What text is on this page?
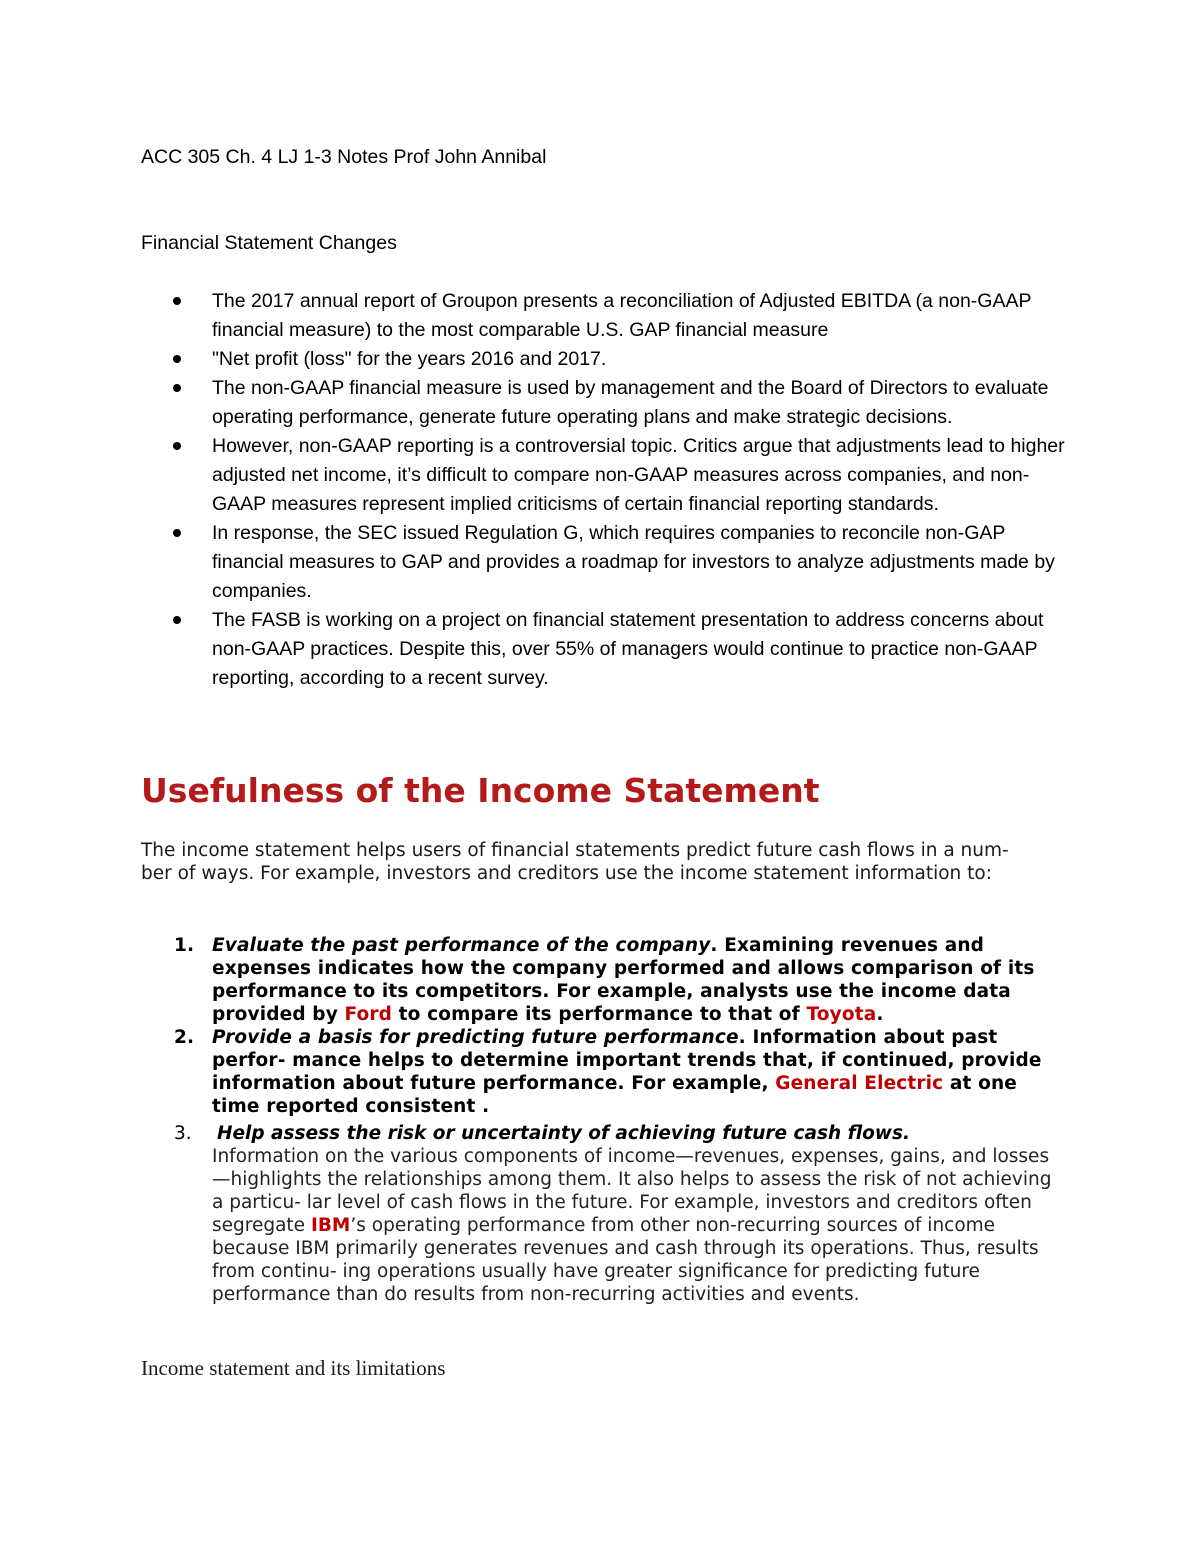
ACC 305 Ch. 4 LJ 1-3 Notes Prof John Annibal

Financial Statement Changes

The 2017 annual report of Groupon presents a reconciliation of Adjusted EBITDA (a non-GAAP financial measure) to the most comparable U.S. GAP financial measure
"Net profit (loss" for the years 2016 and 2017.
The non-GAAP financial measure is used by management and the Board of Directors to evaluate operating performance, generate future operating plans and make strategic decisions.
However, non-GAAP reporting is a controversial topic. Critics argue that adjustments lead to higher adjusted net income, it’s difficult to compare non-GAAP measures across companies, and non-GAAP measures represent implied criticisms of certain financial reporting standards.
In response, the SEC issued Regulation G, which requires companies to reconcile non-GAP financial measures to GAP and provides a roadmap for investors to analyze adjustments made by companies.
The FASB is working on a project on financial statement presentation to address concerns about non-GAAP practices. Despite this, over 55% of managers would continue to practice non-GAAP reporting, according to a recent survey.
Usefulness of the Income Statement

The income statement helps users of financial statements predict future cash flows in a num- ber of ways. For example, investors and creditors use the income statement information to:

1. Evaluate the past performance of the company. Examining revenues and expenses indicates how the company performed and allows comparison of its performance to its competitors. For example, analysts use the income data provided by Ford to compare its performance to that of Toyota.
2. Provide a basis for predicting future performance. Information about past perfor- mance helps to determine important trends that, if continued, provide information about future performance. For example, General Electric at one time reported consistent .
3. Help assess the risk or uncertainty of achieving future cash flows.
Information on the various components of income—revenues, expenses, gains, and losses—highlights the relationships among them. It also helps to assess the risk of not achieving a particu- lar level of cash flows in the future. For example, investors and creditors often segregate IBM’s operating performance from other non-recurring sources of income because IBM primarily generates revenues and cash through its operations. Thus, results from continu- ing operations usually have greater significance for predicting future performance than do results from non-recurring activities and events.

Income statement and its limitations
